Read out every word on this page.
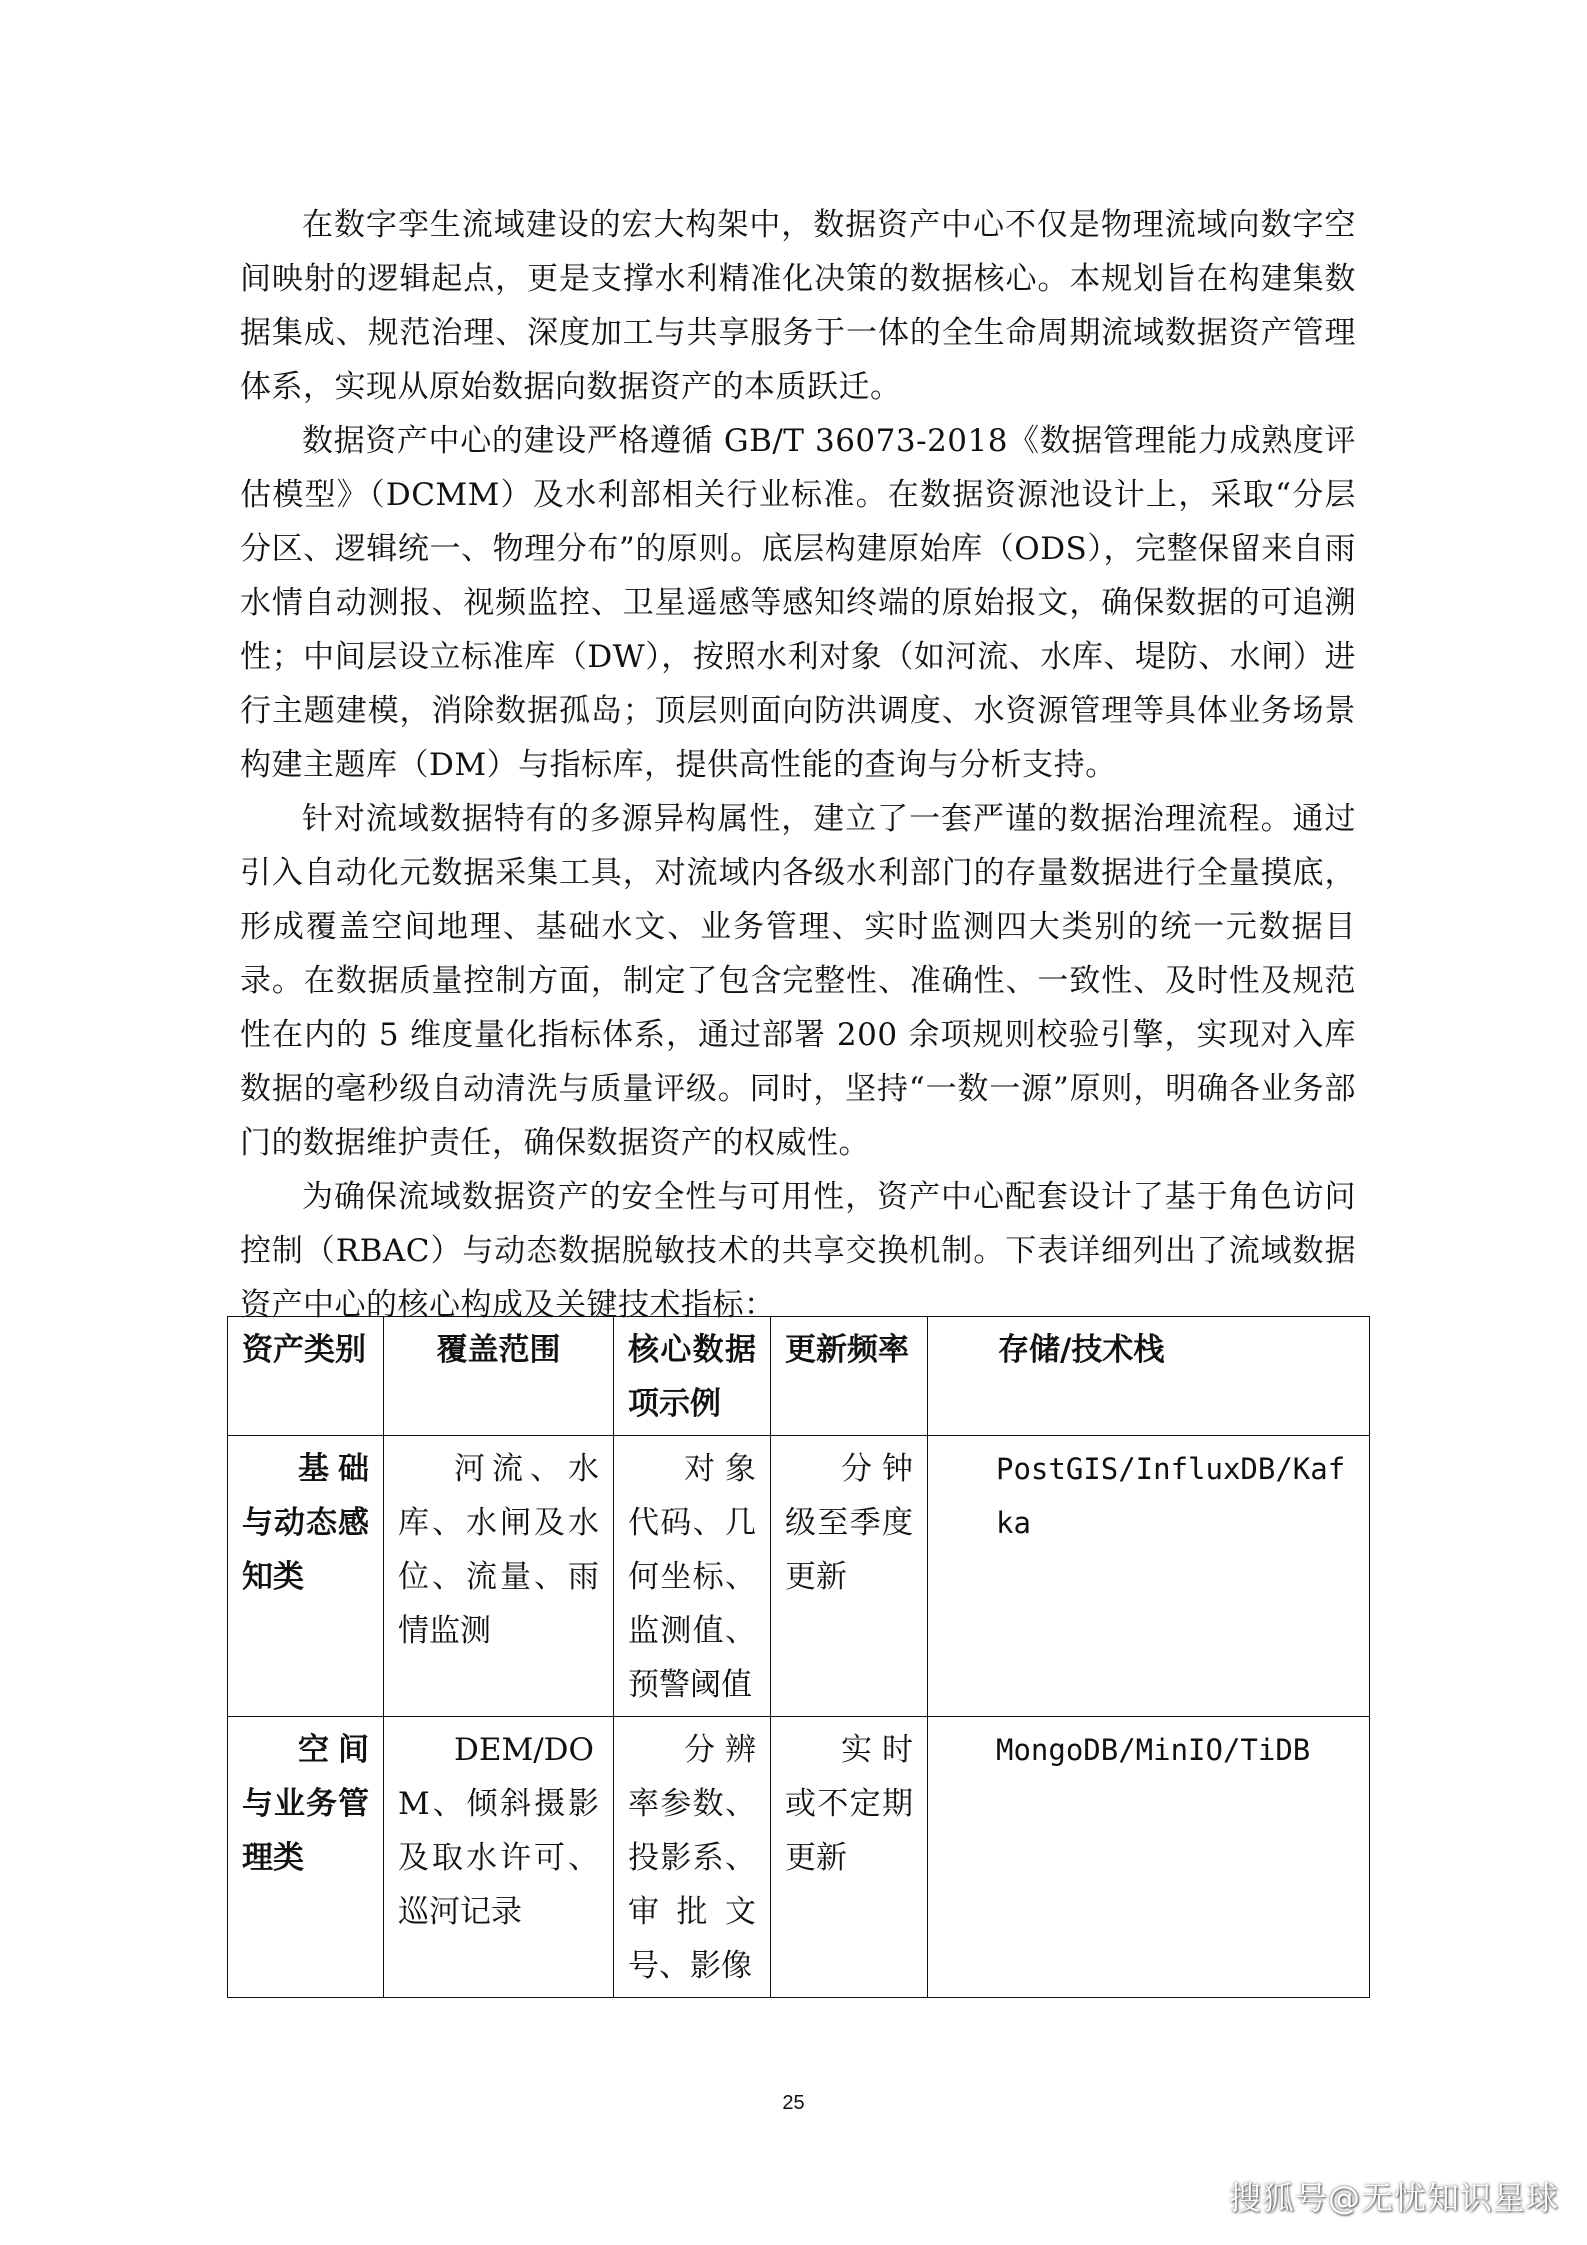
在数字孪生流域建设的宏大构架中，数据资产中心不仅是物理流域向数字空间映射的逻辑起点，更是支撑水利精准化决策的数据核心。本规划旨在构建集数据集成、规范治理、深度加工与共享服务于一体的全生命周期流域数据资产管理体系，实现从原始数据向数据资产的本质跃迁。

数据资产中心的建设严格遵循 GB/T 36073-2018《数据管理能力成熟度评估模型》（DCMM）及水利部相关行业标准。在数据资源池设计上，采取“分层分区、逻辑统一、物理分布”的原则。底层构建原始库（ODS），完整保留来自雨水情自动测报、视频监控、卫星遥感等感知终端的原始报文，确保数据的可追溯性；中间层设立标准库（DW），按照水利对象（如河流、水库、堤防、水闸）进行主题建模，消除数据孤岛；顶层则面向防洪调度、水资源管理等具体业务场景构建主题库（DM）与指标库，提供高性能的查询与分析支持。

针对流域数据特有的多源异构属性，建立了一套严谨的数据治理流程。通过引入自动化元数据采集工具，对流域内各级水利部门的存量数据进行全量摸底，形成覆盖空间地理、基础水文、业务管理、实时监测四大类别的统一元数据目录。在数据质量控制方面，制定了包含完整性、准确性、一致性、及时性及规范性在内的 5 维度量化指标体系，通过部署 200 余项规则校验引擎，实现对入库数据的毫秒级自动清洗与质量评级。同时，坚持“一数一源”原则，明确各业务部门的数据维护责任，确保数据资产的权威性。

为确保流域数据资产的安全性与可用性，资产中心配套设计了基于角色访问控制（RBAC）与动态数据脱敏技术的共享交换机制。下表详细列出了流域数据资产中心的核心构成及关键技术指标：

资产类别	覆盖范围	核心数据项示例	更新频率	存储/技术栈
基础与动态感知类	河流、水库、水闸及水位、流量、雨情监测	对象代码、几何坐标、监测值、预警阈值	分钟级至季度更新	PostGIS/InfluxDB/Kafka
空间与业务管理类	DEM/DOM、倾斜摄影及取水许可、巡河记录	分辨率参数、投影系、审批文号、影像	实时或不定期更新	MongoDB/MinIO/TiDB
25
搜狐号@无忧知识星球
